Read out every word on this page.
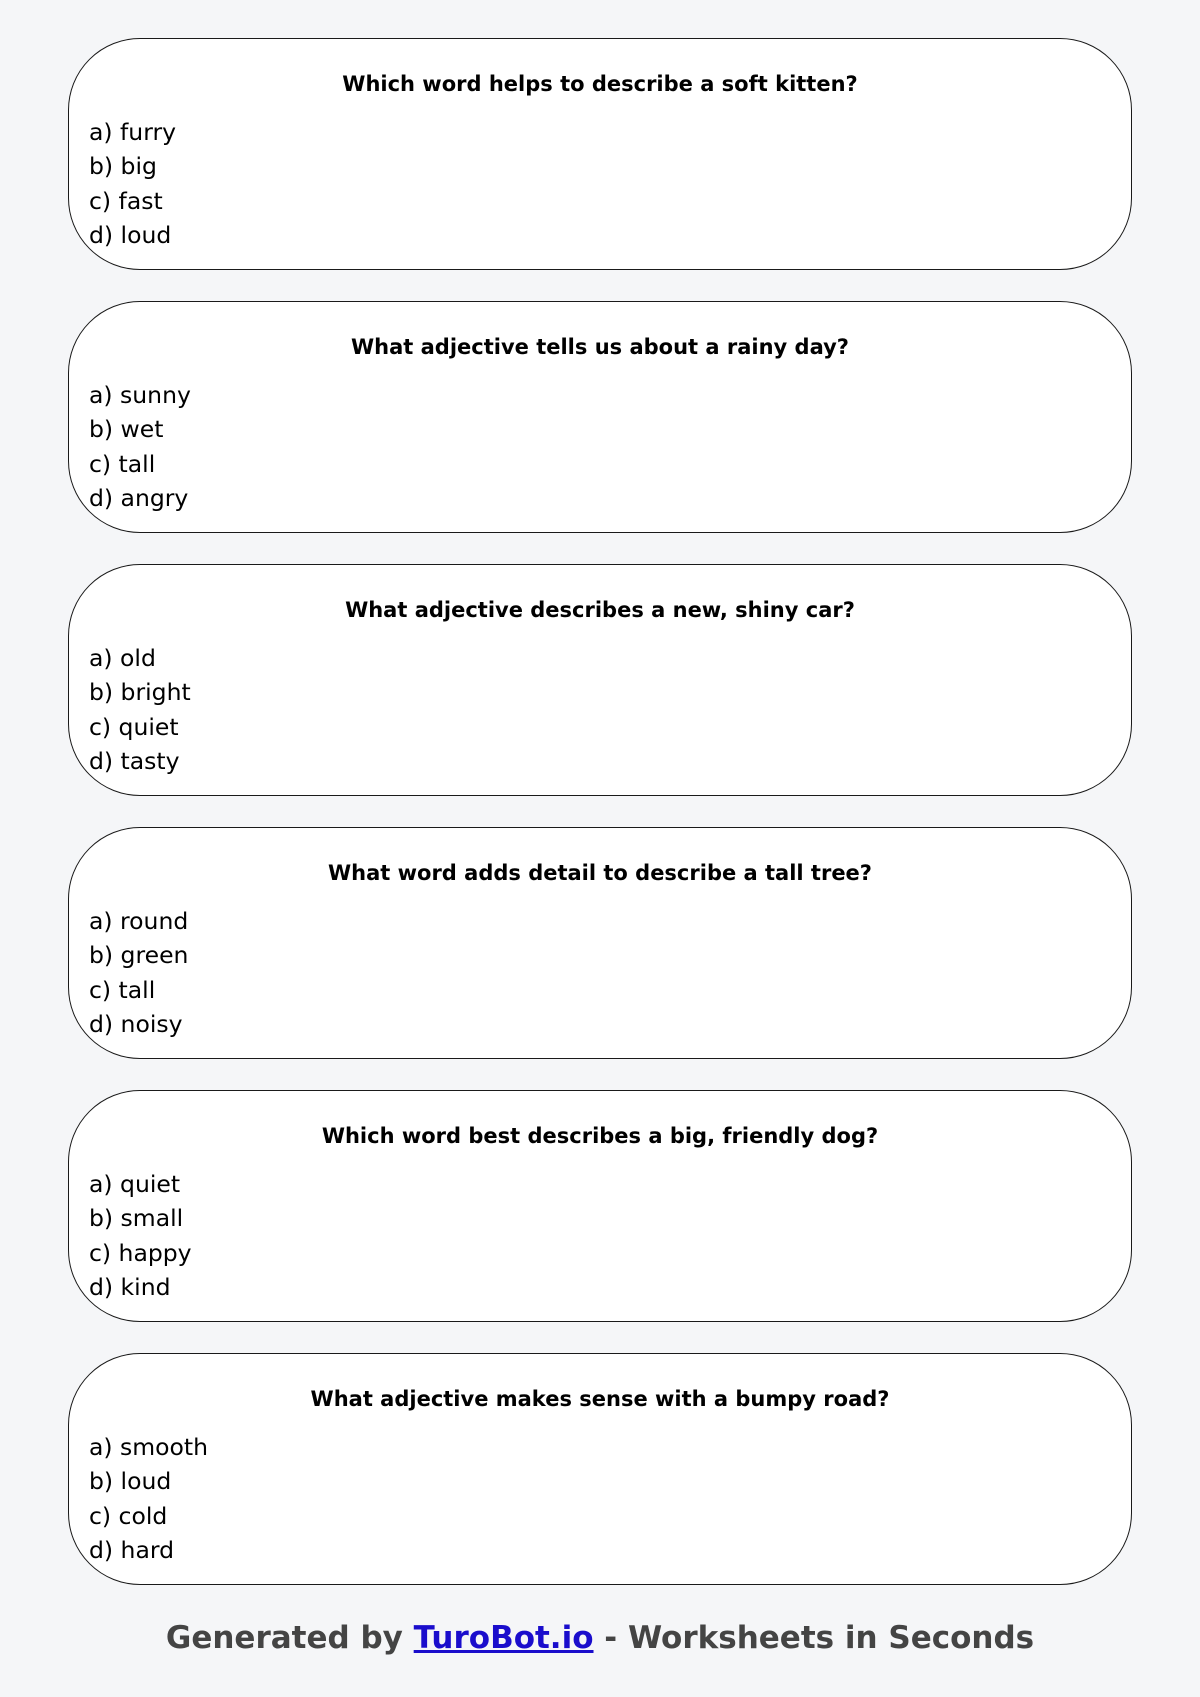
Which word helps to describe a soft kitten?

a) furry
b) big
c) fast
d) loud

What adjective tells us about a rainy day?

a) sunny
b) wet
c) tall
d) angry

What adjective describes a new, shiny car?

a) old
b) bright
c) quiet
d) tasty

What word adds detail to describe a tall tree?

a) round
b) green
c) tall
d) noisy

Which word best describes a big, friendly dog?

a) quiet
b) small
c) happy
d) kind

What adjective makes sense with a bumpy road?

a) smooth
b) loud
c) cold
d) hard
Generated by TuroBot.io - Worksheets in Seconds
